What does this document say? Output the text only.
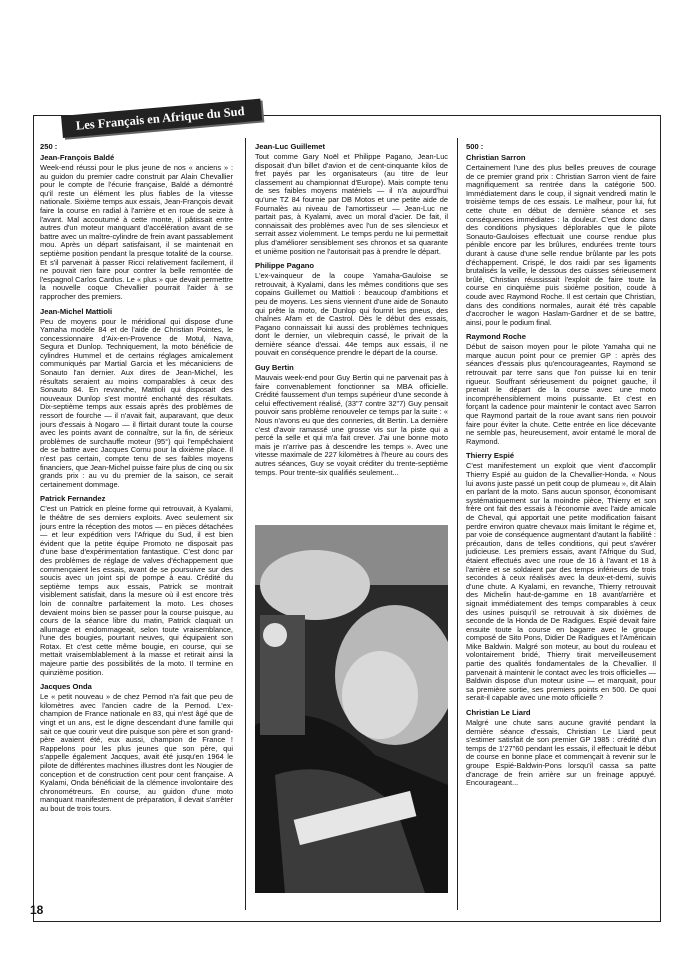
Les Français en Afrique du Sud
250 :
Jean-François Baldé

Week-end réussi pour le plus jeune de nos « anciens » : au guidon du premier cadre construit par Alain Chevallier pour le compte de l'écurie française, Baldé a démontré qu'il reste un élément les plus fiables de la vitesse nationale. Sixième temps aux essais, Jean-François devait faire la course en radial à l'arrière et en roue de seize à l'avant. Mal accoutumé à cette monte, il pâtissait entre autres d'un moteur manquant d'accélération avant de se battre avec un maître-cylindre de frein avant passablement mou. Après un départ satisfaisant, il se maintenait en septième position pendant la presque totalité de la course. Et s'il parvenait à passer Ricci relativement facilement, il ne pouvait rien faire pour contrer la belle remontée de l'espagnol Carlos Cardus. Le « plus » que devait permettre la nouvelle coque Chevallier pourrait l'aider à se rapprocher des premiers.

Jean-Michel Mattioli

Peu de moyens pour le méridional qui dispose d'une Yamaha modèle 84 et de l'aide de Christian Pointes, le concessionnaire d'Aix-en-Provence de Motul, Nava, Segura et Dunlop. Techniquement, la moto bénéficie de cylindres Hummel et de certains réglages amicalement communiqués par Martial Garcia et les mécaniciens de Sonauto l'an dernier. Aux dires de Jean-Michel, les résultats seraient au moins comparables à ceux des Sonauto 84. En revanche, Mattioli qui disposait des nouveaux Dunlop s'est montré enchanté des résultats. Dix-septième temps aux essais après des problèmes de ressort de fourche — il n'avait fait, auparavant, que deux jours d'essais à Nogaro — il flirtait durant toute la course avec les points avant de connaître, sur la fin, de sérieux problèmes de surchauffe moteur (95°) qui l'empêchaient de se battre avec Jacques Cornu pour la dixième place. Il n'est pas certain, compte tenu de ses faibles moyens financiers, que Jean-Michel puisse faire plus de cinq ou six grands prix : au vu du premier de la saison, ce serait certainement dommage.

Patrick Fernandez

C'est un Patrick en pleine forme qui retrouvait, à Kyalami, le théâtre de ses derniers exploits. Avec seulement six jours entre la réception des motos — en pièces détachées — et leur expédition vers l'Afrique du Sud, il est bien évident que la petite équipe Promoto ne disposait pas d'une base d'expérimentation fantastique. C'est donc par des problèmes de réglage de valves d'échappement que commençaient les essais, avant de se poursuivre sur des soucis avec un joint spi de pompe à eau. Crédité du septième temps aux essais, Patrick se montrait visiblement satisfait, dans la mesure où il est encore très loin de connaître parfaitement la moto. Les choses devaient moins bien se passer pour la course puisque, au cours de la séance libre du matin, Patrick claquait un allumage et endommageait, selon toute vraisemblance, l'une des bougies, pourtant neuves, qui équipaient son Rotax. Et c'est cette même bougie, en course, qui se mettait vraisemblablement à la masse et retirait ainsi la majeure partie des possibilités de la moto. Il termine en quinzième position.

Jacques Onda

Le « petit nouveau » de chez Pernod n'a fait que peu de kilomètres avec l'ancien cadre de la Pernod. L'ex-champion de France nationale en 83, qui n'est âgé que de vingt et un ans, est le digne descendant d'une famille qui sait ce que courir veut dire puisque son père et son grand-père avaient été, eux aussi, champion de France ! Rappelons pour les plus jeunes que son père, qui s'appelle également Jacques, avait été jusqu'en 1964 le pilote de différentes machines illustres dont les Nougier de conception et de construction cent pour cent française. A Kyalami, Onda bénéficiait de la clémence involontaire des chronométreurs. En course, au guidon d'une moto manquant manifestement de préparation, il devait s'arrêter au bout de trois tours.

Jean-Luc Guillemet

Tout comme Gary Noël et Philippe Pagano, Jean-Luc disposait d'un billet d'avion et de cent-cinquante kilos de fret payés par les organisateurs (au titre de leur classement au championnat d'Europe). Mais compte tenu de ses faibles moyens matériels — il n'a aujourd'hui qu'une TZ 84 fournie par DB Motos et une petite aide de Fournalès au niveau de l'amortisseur — Jean-Luc ne partait pas, à Kyalami, avec un moral d'acier. De fait, il connaissait des problèmes avec l'un de ses silencieux et serrait assez violemment. Le temps perdu ne lui permettait plus d'améliorer sensiblement ses chronos et sa quarante et unième position ne l'autorisait pas à prendre le départ.

Philippe Pagano

L'ex-vainqueur de la coupe Yamaha-Gauloise se retrouvait, à Kyalami, dans les mêmes conditions que ses copains Guillemet ou Mattioli : beaucoup d'ambitions et peu de moyens. Les siens viennent d'une aide de Sonauto qui prête la moto, de Dunlop qui fournit les pneus, des chaînes Afam et de Castrol. Dès le début des essais, Pagano connaissait lui aussi des problèmes techniques dont le dernier, un vilebrequin cassé, le privait de la dernière séance d'essai. 44e temps aux essais, il ne pouvait en conséquence prendre le départ de la course.

Guy Bertin

Mauvais week-end pour Guy Bertin qui ne parvenait pas à faire convenablement fonctionner sa MBA officielle. Crédité faussement d'un temps supérieur d'une seconde à celui effectivement réalisé, (33"7 contre 32"7) Guy pensait pouvoir sans problème renouveler ce temps par la suite : « Nous n'avons eu que des conneries, dit Bertin. La dernière c'est d'avoir ramassé une grosse vis sur la piste qui a percé la selle et qui m'a fait crever. J'ai une bonne moto mais je n'arrive pas à descendre les temps ». Avec une vitesse maximale de 227 kilomètres à l'heure au cours des autres séances, Guy se voyait créditer du trente-septième temps. Pour trente-six qualifiés seulement...

500 :
Christian Sarron

Certainement l'une des plus belles preuves de courage de ce premier grand prix : Christian Sarron vient de faire magnifiquement sa rentrée dans la catégorie 500. Immédiatement dans le coup, il signait vendredi matin le troisième temps de ces essais. Le malheur, pour lui, fut cette chute en début de dernière séance et ses conséquences immédiates : la douleur. C'est donc dans des conditions physiques déplorables que le pilote Sonauto-Gauloises effectuait une course rendue plus pénible encore par les brûlures, endurées trente tours durant à cause d'une selle rendue brûlante par les pots d'échappement. Crispé, le dos raidi par ses ligaments brutalisés la veille, le dessous des cuisses sérieusement brûlé, Christian réussissait l'exploit de faire toute la course en cinquième puis sixième position, coude à coude avec Raymond Roche. Il est certain que Christian, dans des conditions normales, aurait été très capable d'accrocher le wagon Haslam-Gardner et de se battre, ainsi, pour le podium final.

Raymond Roche

Début de saison moyen pour le pilote Yamaha qui ne marque aucun point pour ce premier GP : après des séances d'essais plus qu'encourageantes, Raymond se retrouvait par terre sans que l'on puisse lui en tenir rigueur. Souffrant sérieusement du poignet gauche, il prenait le départ de la course avec une moto incompréhensiblement moins puissante. Et c'est en forçant la cadence pour maintenir le contact avec Sarron que Raymond partait de la roue avant sans rien pouvoir faire pour éviter la chute. Cette entrée en lice décevante ne semble pas, heureusement, avoir entamé le moral de Raymond.

Thierry Espié

C'est manifestement un exploit que vient d'accomplir Thierry Espié au guidon de la Chevallier-Honda. « Nous lui avons juste passé un petit coup de plumeau », dit Alain en parlant de la moto. Sans aucun sponsor, économisant systématiquement sur la moindre pièce, Thierry et son frère ont fait des essais à l'économie avec l'aide amicale de Cheval, qui apportait une petite modification faisant perdre environ quatre chevaux mais limitant le régime et, par voie de conséquence augmentant d'autant la fiabilité : précaution, dans de telles conditions, qui peut s'avérer judicieuse. Les premiers essais, avant l'Afrique du Sud, étaient effectués avec une roue de 16 à l'avant et 18 à l'arrière et se soldaient par des temps inférieurs de trois secondes à ceux réalisés avec la deux-et-demi, suivis d'une chute. A Kyalami, en revanche, Thierry retrouvait des Michelin haut-de-gamme en 18 avant/arrière et signait immédiatement des temps comparables à ceux des usines puisqu'il se retrouvait à six dixièmes de seconde de la Honda de De Radigues. Espié devait faire ensuite toute la course en bagarre avec le groupe composé de Sito Pons, Didier De Radigues et l'Américain Mike Baldwin. Malgré son moteur, au bout du rouleau et volontairement bridé, Thierry tirait merveilleusement partie des qualités fondamentales de la Chevallier. Il parvenait à maintenir le contact avec les trois officielles — Baldwin dispose d'un moteur usine — et marquait, pour sa première sortie, ses premiers points en 500. De quoi serait-il capable avec une moto officielle ?

Christian Le Liard

Malgré une chute sans aucune gravité pendant la dernière séance d'essais, Christian Le Liard peut s'estimer satisfait de son premier GP 1985 : crédité d'un temps de 1'27"60 pendant les essais, il effectuait le début de course en bonne place et commençait à revenir sur le groupe Espié-Baldwin-Pons lorsqu'il cassa sa patte d'ancrage de frein arrière sur un freinage appuyé. Encourageant...

18
